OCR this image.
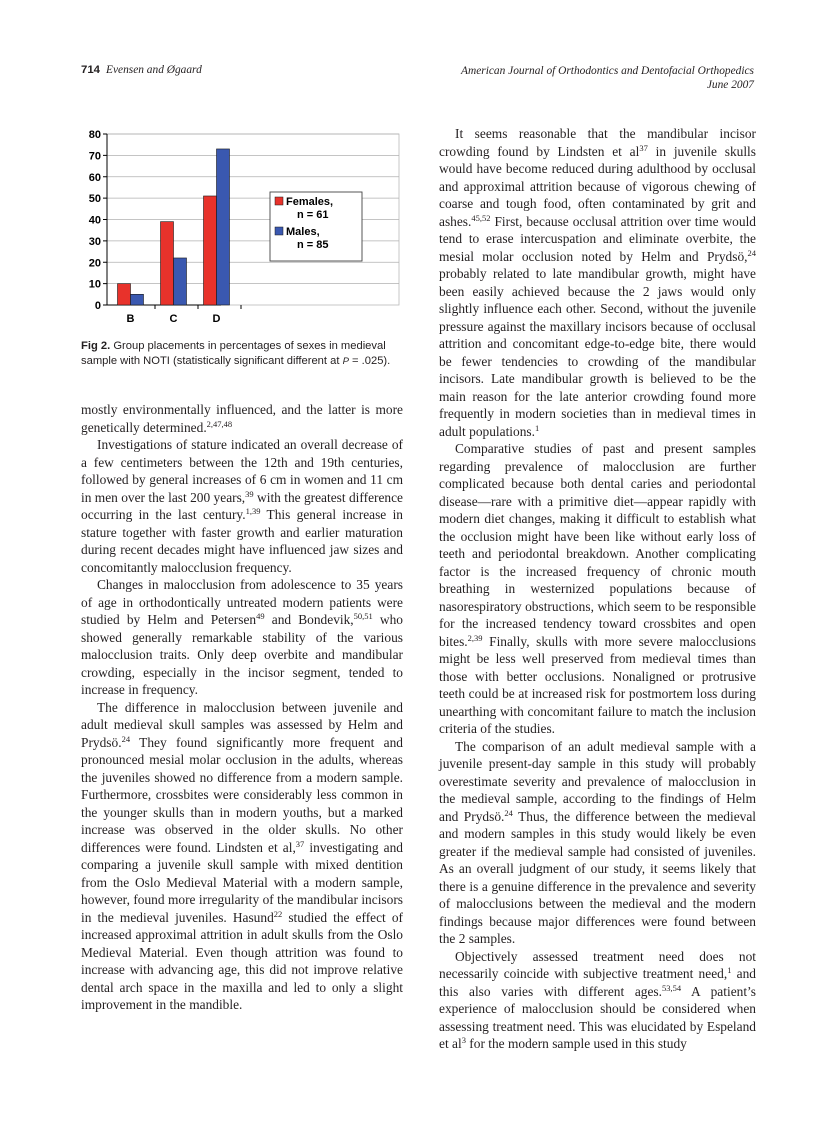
714 Evensen and Øgaard	American Journal of Orthodontics and Dentofacial Orthopedics
June 2007
0
10
20
30
40
50
60
70
80
B	C	D
Females,
n = 61
Males,
n = 85
Fig 2. Group placements in percentages of sexes in medieval sample with NOTI (statistically significant different at P = .025).

mostly environmentally influenced, and the latter is more genetically determined.$^{2,47,48}$

Investigations of stature indicated an overall decrease of a few centimeters between the 12th and 19th centuries, followed by general increases of 6 cm in women and 11 cm in men over the last 200 years,$^{39}$ with the greatest difference occurring in the last century.$^{1,39}$ This general increase in stature together with faster growth and earlier maturation during recent decades might have influenced jaw sizes and concomitantly malocclusion frequency.

Changes in malocclusion from adolescence to 35 years of age in orthodontically untreated modern patients were studied by Helm and Petersen$^{49}$ and Bondevik,$^{50,51}$ who showed generally remarkable stability of the various malocclusion traits. Only deep overbite and mandibular crowding, especially in the incisor segment, tended to increase in frequency.

The difference in malocclusion between juvenile and adult medieval skull samples was assessed by Helm and Prydsö.$^{24}$ They found significantly more frequent and pronounced mesial molar occlusion in the adults, whereas the juveniles showed no difference from a modern sample. Furthermore, crossbites were considerably less common in the younger skulls than in modern youths, but a marked increase was observed in the older skulls. No other differences were found. Lindsten et al,$^{37}$ investigating and comparing a juvenile skull sample with mixed dentition from the Oslo Medieval Material with a modern sample, however, found more irregularity of the mandibular incisors in the medieval juveniles. Hasund$^{22}$ studied the effect of increased approximal attrition in adult skulls from the Oslo Medieval Material. Even though attrition was found to increase with advancing age, this did not improve relative dental arch space in the maxilla and led to only a slight improvement in the mandible.

It seems reasonable that the mandibular incisor crowding found by Lindsten et $al^{37}$ in juvenile skulls would have become reduced during adulthood by occlusal and approximal attrition because of vigorous chewing of coarse and tough food, often contaminated by grit and ashes.$^{45,52}$ First, because occlusal attrition over time would tend to erase intercuspation and eliminate overbite, the mesial molar occlusion noted by Helm and Prydsö,$^{24}$ probably related to late mandibular growth, might have been easily achieved because the 2 jaws would only slightly influence each other. Second, without the juvenile pressure against the maxillary incisors because of occlusal attrition and concomitant edge-to-edge bite, there would be fewer tendencies to crowding of the mandibular incisors. Late mandibular growth is believed to be the main reason for the late anterior crowding found more frequently in modern societies than in medieval times in adult populations.$^1$

Comparative studies of past and present samples regarding prevalence of malocclusion are further complicated because both dental caries and periodontal disease—rare with a primitive diet—appear rapidly with modern diet changes, making it difficult to establish what the occlusion might have been like without early loss of teeth and periodontal breakdown. Another complicating factor is the increased frequency of chronic mouth breathing in westernized populations because of nasorespiratory obstructions, which seem to be responsible for the increased tendency toward crossbites and open bites.$^{2,39}$ Finally, skulls with more severe malocclusions might be less well preserved from medieval times than those with better occlusions. Nonaligned or protrusive teeth could be at increased risk for postmortem loss during unearthing with concomitant failure to match the inclusion criteria of the studies.

The comparison of an adult medieval sample with a juvenile present-day sample in this study will probably overestimate severity and prevalence of malocclusion in the medieval sample, according to the findings of Helm and Prydsö.$^{24}$ Thus, the difference between the medieval and modern samples in this study would likely be even greater if the medieval sample had consisted of juveniles. As an overall judgment of our study, it seems likely that there is a genuine difference in the prevalence and severity of malocclusions between the medieval and the modern findings because major differences were found between the 2 samples.

Objectively assessed treatment need does not necessarily coincide with subjective treatment need,$^1$ and this also varies with different ages.$^{53,54}$ A patient’s experience of malocclusion should be considered when assessing treatment need. This was elucidated by Espeland et $al^3$ for the modern sample used in this study
